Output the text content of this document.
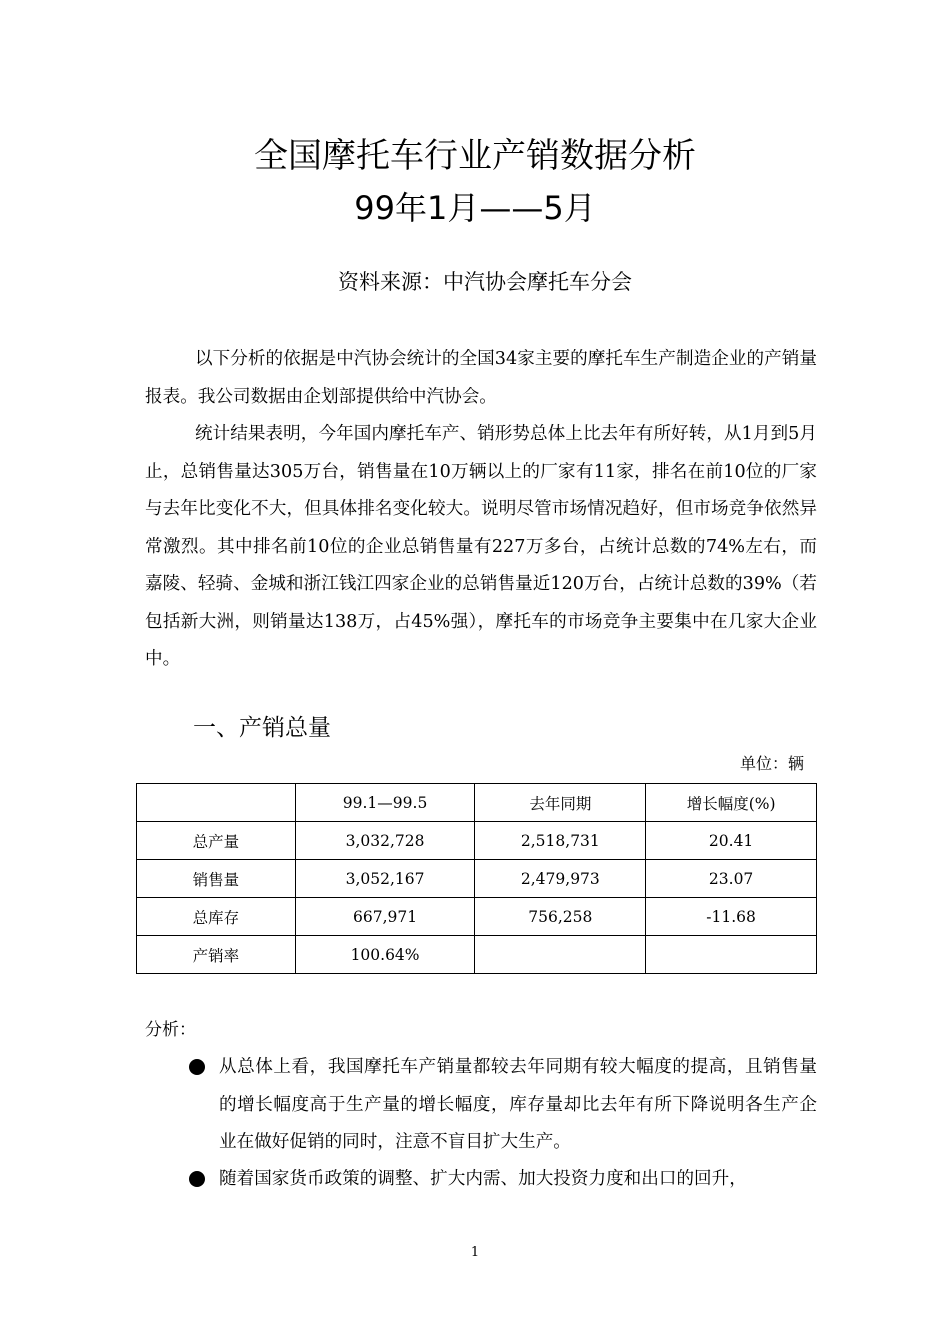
全国摩托车行业产销数据分析
99年1月——5月
资料来源：中汽协会摩托车分会

以下分析的依据是中汽协会统计的全国34家主要的摩托车生产制造企业的产销量报表。我公司数据由企划部提供给中汽协会。

统计结果表明，今年国内摩托车产、销形势总体上比去年有所好转，从1月到5月止，总销售量达305万台，销售量在10万辆以上的厂家有11家，排名在前10位的厂家与去年比变化不大，但具体排名变化较大。说明尽管市场情况趋好，但市场竞争依然异常激烈。其中排名前10位的企业总销售量有227万多台，占统计总数的74%左右，而嘉陵、轻骑、金城和浙江钱江四家企业的总销售量近120万台，占统计总数的39%（若包括新大洲，则销量达138万，占45%强），摩托车的市场竞争主要集中在几家大企业中。

一、产销总量
单位：辆
	99.1—99.5	去年同期	增长幅度(%)
总产量	3,032,728	2,518,731	20.41
销售量	3,052,167	2,479,973	23.07
总库存	667,971	756,258	-11.68
产销率	100.64%		
分析：
从总体上看，我国摩托车产销量都较去年同期有较大幅度的提高，且销售量的增长幅度高于生产量的增长幅度，库存量却比去年有所下降说明各生产企业在做好促销的同时，注意不盲目扩大生产。
随着国家货币政策的调整、扩大内需、加大投资力度和出口的回升，
1
